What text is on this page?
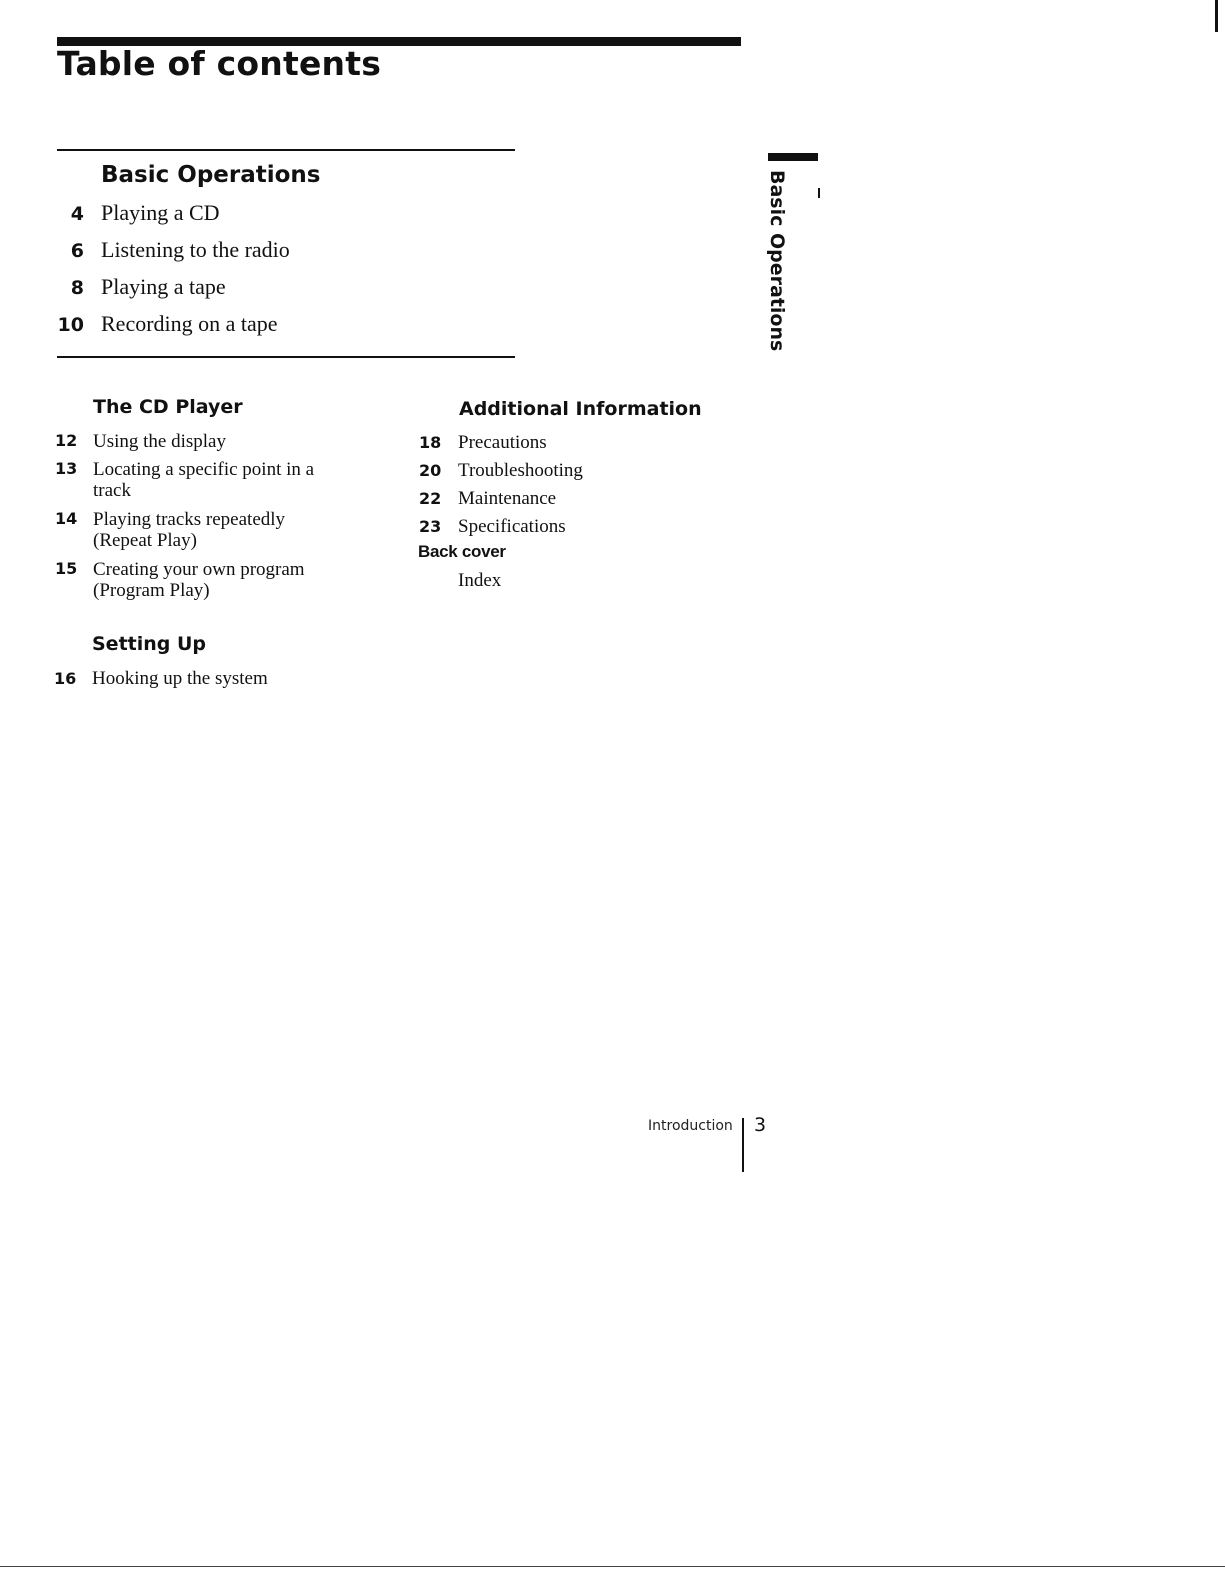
Table of contents
Basic Operations
4 Playing a CD
6 Listening to the radio
8 Playing a tape
10 Recording on a tape
The CD Player
12 Using the display
13 Locating a specific point in a track
14 Playing tracks repeatedly (Repeat Play)
15 Creating your own program (Program Play)
Setting Up
16 Hooking up the system
Additional Information
18 Precautions
20 Troubleshooting
22 Maintenance
23 Specifications
Back cover
Index
Basic Operations
Introduction 3
